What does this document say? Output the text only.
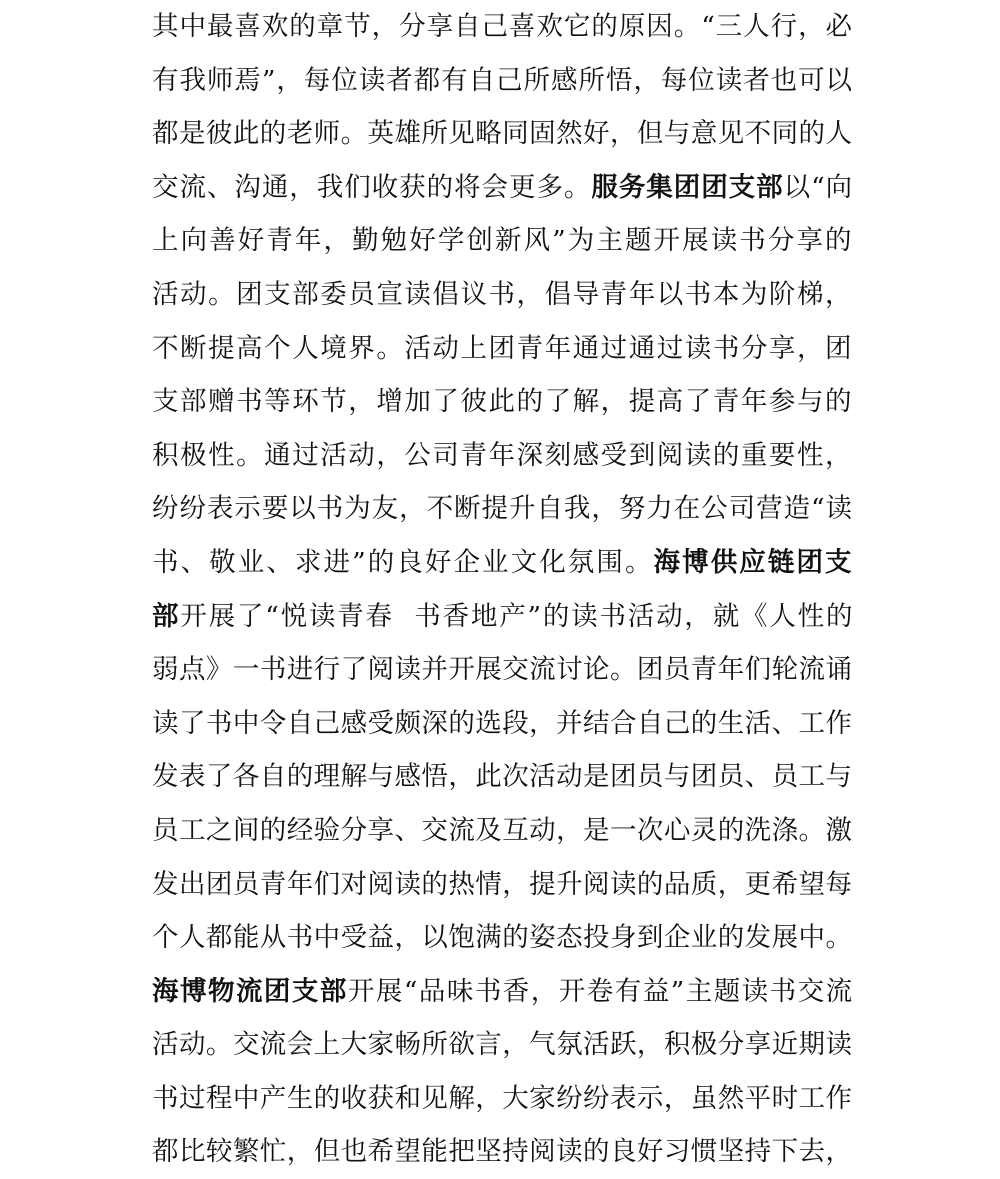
其中最喜欢的章节，分享自己喜欢它的原因。“三人行，必
有我师焉”，每位读者都有自己所感所悟，每位读者也可以
都是彼此的老师。英雄所见略同固然好，但与意见不同的人
交流、沟通，我们收获的将会更多。服务集团团支部以“向
上向善好青年，勤勉好学创新风”为主题开展读书分享的
活动。团支部委员宣读倡议书，倡导青年以书本为阶梯，
不断提高个人境界。活动上团青年通过通过读书分享，团
支部赠书等环节，增加了彼此的了解，提高了青年参与的
积极性。通过活动，公司青年深刻感受到阅读的重要性，
纷纷表示要以书为友，不断提升自我，努力在公司营造“读
书、敬业、求进”的良好企业文化氛围。海博供应链团支
部开展了“悦读青春  书香地产”的读书活动，就《人性的
弱点》一书进行了阅读并开展交流讨论。团员青年们轮流诵
读了书中令自己感受颇深的选段，并结合自己的生活、工作
发表了各自的理解与感悟，此次活动是团员与团员、员工与
员工之间的经验分享、交流及互动，是一次心灵的洗涤。激
发出团员青年们对阅读的热情，提升阅读的品质，更希望每
个人都能从书中受益，以饱满的姿态投身到企业的发展中。
海博物流团支部开展“品味书香，开卷有益”主题读书交流
活动。交流会上大家畅所欲言，气氛活跃，积极分享近期读
书过程中产生的收获和见解，大家纷纷表示，虽然平时工作
都比较繁忙，但也希望能把坚持阅读的良好习惯坚持下去，
